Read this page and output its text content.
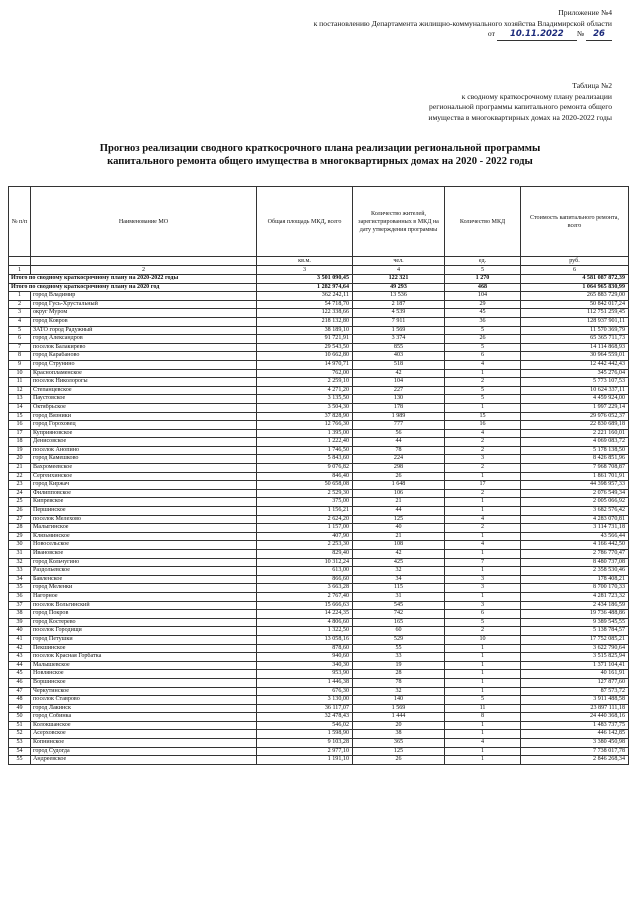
Приложение №4
к постановлению Департамента жилищно-коммунального хозяйства Владимирской области
от 10.11.2022 № 26
Таблица №2
к сводному краткосрочному плану реализации
региональной программы капитального ремонта общего
имущества в многоквартирных домах на 2020-2022 годы
Прогноз реализации сводного краткосрочного плана реализации региональной программы
капитального ремонта общего имущества в многоквартирных домах на 2020 - 2022 годы
№ п/п	Наименование МО	Общая площадь МКД, всего	Количество жителей, зарегистрированных в МКД на дату утверждения программы	Количество МКД	Стоимость капитального ремонта, всего
		кв.м.	чел.	ед.	руб.
1	2	3	4	5	6
Итого по сводному краткосрочному плану на 2020-2022 годы		3 501 090,45	122 321	1 270	4 581 087 872,39
Итого по сводному краткосрочному плану на 2020 год		1 282 974,64	49 293	468	1 064 965 830,99
1	город Владимир	362 242,11	13 536	104	265 883 729,00
2	город Гусь-Хрустальный	54 718,70	2 187	29	50 842 017,24
3	округ Муром	122 338,66	4 539	45	112 751 259,45
4	город Ковров	218 132,80	7 911	36	128 937 901,11
5	ЗАТО город Радужный	38 189,10	1 569	5	11 570 369,79
6	город Александров	91 721,91	3 374	26	65 365 711,73
7	поселок Балакирево	29 543,50	855	5	14 114 868,93
8	город Карабаново	10 662,80	403	6	30 964 559,01
9	город Струнино	14 970,71	518	4	12 442 442,43
10	Краснопламенское	762,00	42	1	345 276,04
11	поселок Николорогы	2 259,10	104	2	5 773 107,53
12	Степанцевское	4 271,20	227	5	10 624 337,11
13	Паустовское	3 135,50	130	5	4 459 924,00
14	Октябрьское	3 504,30	178	1	1 997 229,14
15	город Вязники	37 828,90	1 989	15	29 976 052,37
16	город Гороховец	12 766,30	777	16	22 830 689,18
17	Куприяновское	1 395,00	56	4	2 221 160,01
18	Денисовское	1 222,40	44	2	4 069 083,72
19	поселок Анопино	1 746,50	78	2	5 178 138,50
20	город Камешково	5 843,60	224	3	8 426 851,96
21	Вахромеевское	9 076,82	298	2	7 968 708,87
22	Сергеихинское	846,40	26	1	1 861 701,91
23	город Киржач	50 658,08	1 648	17	44 398 957,33
24	Филипповское	2 529,30	106	2	2 076 549,34
25	Кипревское	375,00	21	1	2 005 066,92
26	Першинское	1 156,21	44	1	3 682 576,42
27	поселок Мелехово	2 624,20	125	4	4 283 070,81
28	Малыгинское	1 157,00	40	2	3 114 731,18
29	Клязьминское	407,90	21	1	43 566,44
30	Новосельское	2 253,30	108	4	4 166 442,50
31	Ивановское	829,40	42	1	2 786 770,47
32	город Кольчугино	10 312,24	425	7	8 480 737,08
33	Раздольевское	613,00	32	1	2 358 530,46
34	Бавленское	866,60	34	3	178 408,21
35	город Меленки	3 663,28	115	3	8 700 170,33
36	Нагорное	2 767,40	31	1	4 281 723,32
37	поселок Вольгинский	15 666,63	545	3	2 434 186,59
38	город Покров	14 224,35	742	6	19 736 488,86
39	город Костерево	4 806,60	165	5	9 389 545,55
40	поселок Городищи	1 322,50	60	2	5 138 784,57
41	город Петушки	13 058,16	529	10	17 752 085,21
42	Пекшинское	878,60	55	1	3 622 790,64
43	поселок Красная Горбатка	940,60	33	1	3 515 825,94
44	Малышевское	340,30	19	1	1 371 104,41
45	Новлянское	953,90	28	1	40 161,91
46	Воршинское	1 446,38	78	1	127 877,60
47	Черкутинское	676,30	32	1	87 573,72
48	поселок Ставрово	3 130,00	140	5	3 911 488,58
49	город Лакинск	36 117,07	1 569	11	23 897 111,18
50	город Собинка	32 478,43	1 444	8	24 440 368,16
51	Колокшанское	546,02	20	1	1 483 737,75
52	Асерховское	1 598,90	38	1	446 142,85
53	Копнинское	9 103,28	365	4	3 380 450,98
54	город Судогда	2 977,10	125	1	7 738 017,78
55	Андреевское	1 191,10	26	1	2 846 268,34
